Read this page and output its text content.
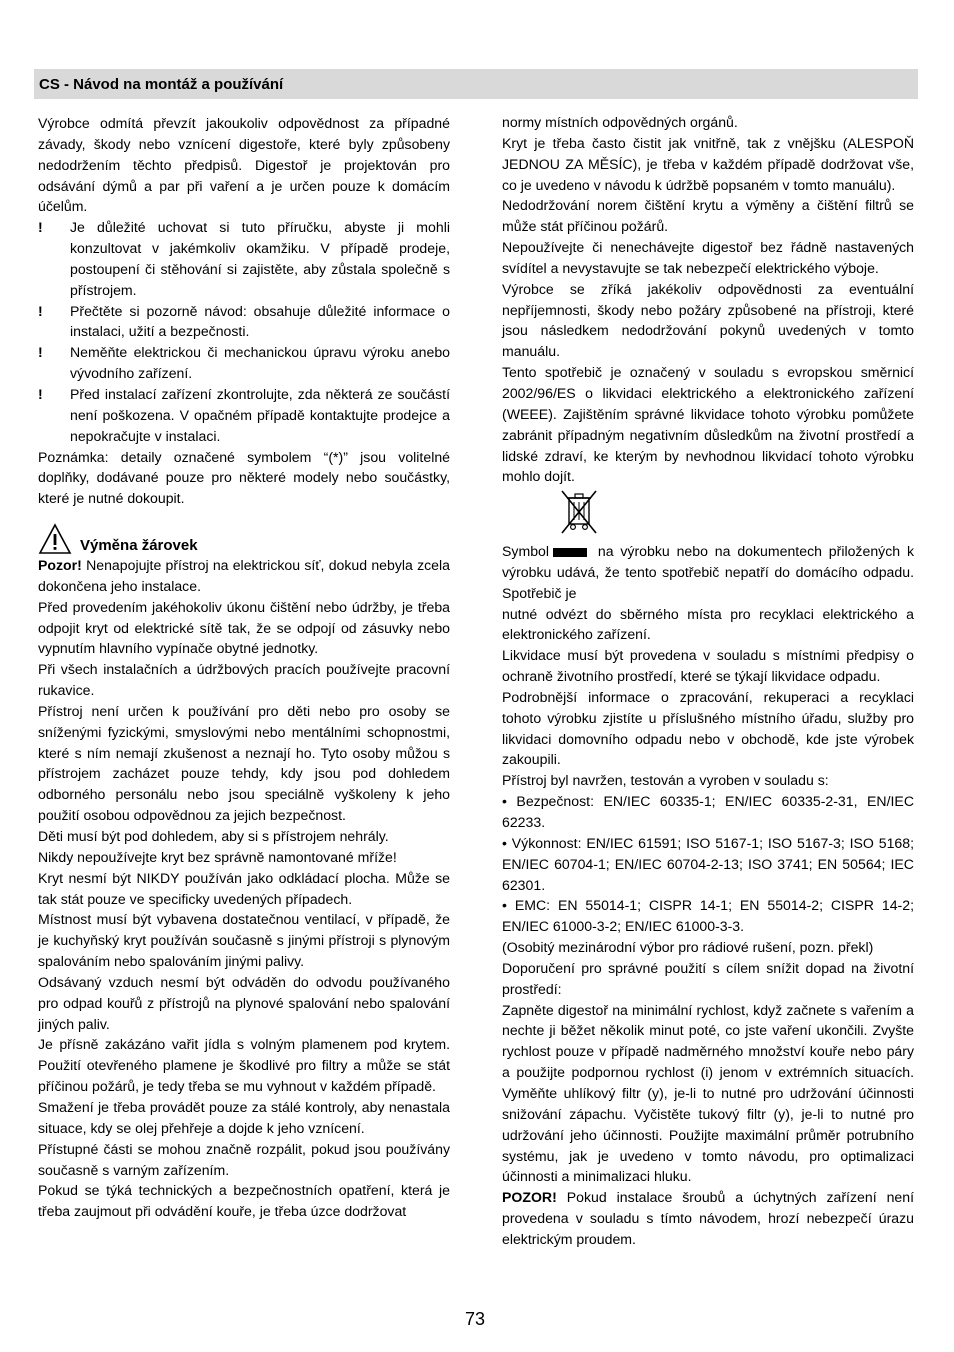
CS - Návod na montáž a používání

Výrobce odmítá převzít jakoukoliv odpovědnost za případné závady, škody nebo vznícení digestoře, které byly způsobeny nedodržením těchto předpisů. Digestoř je projektován pro odsávání dýmů a par při vaření a je určen pouze k domácím účelům.

!	Je důležité uchovat si tuto příručku, abyste ji mohli konzultovat v jakémkoliv okamžiku. V případě prodeje, postoupení či stěhování si zajistěte, aby zůstala společně s přístrojem.
!	Přečtěte si pozorně návod: obsahuje důležité informace o instalaci, užití a bezpečnosti.
!	Neměňte elektrickou či mechanickou úpravu výroku anebo vývodního zařízení.
!	Před instalací zařízení zkontrolujte, zda některá ze součástí není poškozena. V opačném případě kontaktujte prodejce a nepokračujte v instalaci.

Poznámka: detaily označené symbolem “(*)” jsou volitelné doplňky, dodávané pouze pro některé modely nebo součástky, které je nutné dokoupit.

Výměna žárovek

Pozor! Nenapojujte přístroj na elektrickou síť, dokud nebyla zcela dokončena jeho instalace.

Před provedením jakéhokoliv úkonu čištění nebo údržby, je třeba odpojit kryt od elektrické sítě tak, že se odpojí od zásuvky nebo vypnutím hlavního vypínače obytné jednotky.

Při všech instalačních a údržbových pracích používejte pracovní rukavice.

Přístroj není určen k používání pro děti nebo pro osoby se sníženými fyzickými, smyslovými nebo mentálními schopnostmi, které s ním nemají zkušenost a neznají ho. Tyto osoby můžou s přístrojem zacházet pouze tehdy, kdy jsou pod dohledem odborného personálu nebo jsou speciálně vyškoleny k jeho použití osobou odpovědnou za jejich bezpečnost.

Děti musí být pod dohledem, aby si s přístrojem nehrály.

Nikdy nepoužívejte kryt bez správně namontované mříže!

Kryt nesmí být NIKDY používán jako odkládací plocha. Může se tak stát pouze ve specificky uvedených případech.

Místnost musí být vybavena dostatečnou ventilací, v případě, že je kuchyňský kryt používán současně s jinými přístroji s plynovým spalováním nebo spalováním jinými palivy.

Odsávaný vzduch nesmí být odváděn do odvodu používaného pro odpad kouřů z přístrojů na plynové spalování nebo spalování jiných paliv.

Je přísně zakázáno vařit jídla s volným plamenem pod krytem. Použití otevřeného plamene je škodlivé pro filtry a může se stát příčinou požárů, je tedy třeba se mu vyhnout v každém případě.

Smažení je třeba provádět pouze za stálé kontroly, aby nenastala situace, kdy se olej přehřeje a dojde k jeho vznícení.

Přístupné části se mohou značně rozpálit, pokud jsou používány současně s varným zařízením.

Pokud se týká technických a bezpečnostních opatření, která je třeba zaujmout při odvádění kouře, je třeba úzce dodržovat

normy místních odpovědných orgánů.

Kryt je třeba často čistit jak vnitřně, tak z vnějšku (ALESPOŇ JEDNOU ZA MĚSÍC), je třeba v každém případě dodržovat vše, co je uvedeno v návodu k údržbě popsaném v tomto manuálu).

Nedodržování norem čištění krytu a výměny a čištění filtrů se může stát příčinou požárů.

Nepoužívejte či nenechávejte digestoř bez řádně nastavených svídítel a nevystavujte se tak nebezpečí elektrického výboje.

Výrobce se zříká jakékoliv odpovědnosti za eventuální nepříjemnosti, škody nebo požáry způsobené na přístroji, které jsou následkem nedodržování pokynů uvedených v tomto manuálu.

Tento spotřebič je označený v souladu s evropskou směrnicí 2002/96/ES o likvidaci elektrického a elektronického zařízení (WEEE). Zajištěním správné likvidace tohoto výrobku pomůžete zabránit případným negativním důsledkům na životní prostředí a lidské zdraví, ke kterým by nevhodnou likvidací tohoto výrobku mohlo dojít.

Symbol	na výrobku nebo na dokumentech přiložených k výrobku udává, že tento spotřebič nepatří do domácího odpadu. Spotřebič je

nutné odvézt do sběrného místa pro recyklaci elektrického a elektronického zařízení.

Likvidace musí být provedena v souladu s místními předpisy o ochraně životního prostředí, které se týkají likvidace odpadu.

Podrobnější informace o zpracování, rekuperaci a recyklaci tohoto výrobku zjistíte u příslušného místního úřadu, služby pro likvidaci domovního odpadu nebo v obchodě, kde jste výrobek zakoupili.

Přístroj byl navržen, testován a vyroben v souladu s:

• Bezpečnost: EN/IEC 60335-1; EN/IEC 60335-2-31, EN/IEC 62233.

• Výkonnost: EN/IEC 61591; ISO 5167-1; ISO 5167-3; ISO 5168; EN/IEC 60704-1; EN/IEC 60704-2-13; ISO 3741; EN 50564; IEC 62301.

• EMC: EN 55014-1; CISPR 14-1; EN 55014-2; CISPR 14-2; EN/IEC 61000-3-2; EN/IEC 61000-3-3.

(Osobitý mezinárodní výbor pro rádiové rušení, pozn. překl)

Doporučení pro správné použití s cílem snížit dopad na životní prostředí:

Zapněte digestoř na minimální rychlost, když začnete s vařením a nechte ji běžet několik minut poté, co jste vaření ukončili. Zvyšte rychlost pouze v případě nadměrného množství kouře nebo páry a použijte podpornou rychlost (i) jenom v extrémních situacích. Vyměňte uhlíkový filtr (y), je-li to nutné pro udržování účinnosti snižování zápachu. Vyčistěte tukový filtr (y), je-li to nutné pro udržování jeho účinnosti. Použijte maximální průměr potrubního systému, jak je uvedeno v tomto návodu, pro optimalizaci účinnosti a minimalizaci hluku.

POZOR! Pokud instalace šroubů a úchytných zařízení není provedena v souladu s tímto návodem, hrozí nebezpečí úrazu elektrickým proudem.

73
